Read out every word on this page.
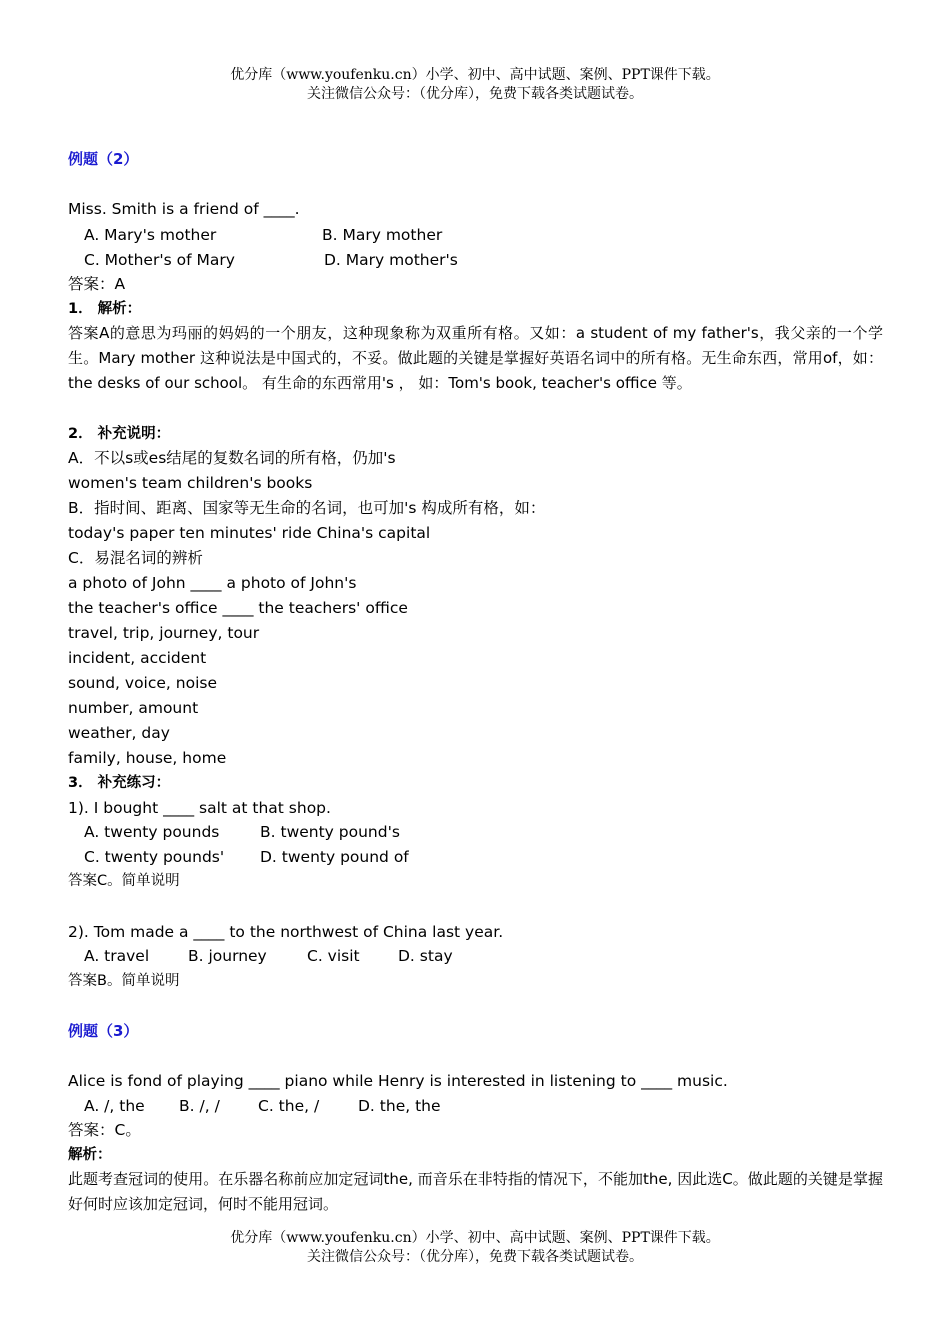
优分库（www.youfenku.cn）小学、初中、高中试题、案例、PPT课件下载。
关注微信公众号：（优分库），免费下载各类试题试卷。
例题（2）
Miss. Smith is a friend of ____.
A. Mary's mother	B. Mary mother
C. Mother's of Mary	D. Mary mother's
答案：A
1． 解析：
答案A的意思为玛丽的妈妈的一个朋友，这种现象称为双重所有格。又如：a student of my father's，我父亲的一个学生。Mary mother 这种说法是中国式的，不妥。做此题的关键是掌握好英语名词中的所有格。无生命东西，常用of，如：the desks of our school。 有生命的东西常用's ， 如：Tom's book, teacher's office 等。
2． 补充说明：
A．不以s或es结尾的复数名词的所有格，仍加's
women's team children's books
B．指时间、距离、国家等无生命的名词，也可加's 构成所有格，如：
today's paper ten minutes' ride China's capital
C．易混名词的辨析
a photo of John ____ a photo of John's
the teacher's office ____ the teachers' office
travel, trip, journey, tour
incident, accident
sound, voice, noise
number, amount
weather, day
family, house, home
3． 补充练习：
1). I bought ____ salt at that shop.
A. twenty pounds	B. twenty pound's
C. twenty pounds' D. twenty pound of
答案C。简单说明
2). Tom made a ____ to the northwest of China last year.
A. travel	B. journey	C. visit D. stay
答案B。简单说明
例题（3）
Alice is fond of playing ____ piano while Henry is interested in listening to ____ music.
A. /, the B. /, / C. the, /	D. the, the
答案：C。
解析：
此题考查冠词的使用。在乐器名称前应加定冠词the, 而音乐在非特指的情况下，不能加the, 因此选C。做此题的关键是掌握好何时应该加定冠词，何时不能用冠词。
优分库（www.youfenku.cn）小学、初中、高中试题、案例、PPT课件下载。
关注微信公众号：（优分库），免费下载各类试题试卷。
